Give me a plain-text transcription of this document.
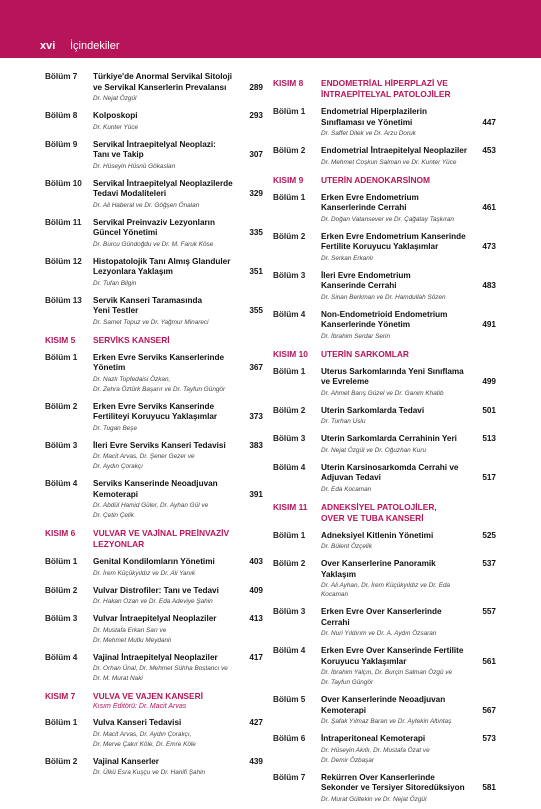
xvi İçindekiler
Bölüm 7 Türkiye'de Anormal Servikal Sitoloji
ve Servikal Kanserlerin Prevalansı
Dr. Nejat Özgül
289
Bölüm 8 Kolposkopi
Dr. Kunter Yüce
293
Bölüm 9 Servikal İntraepitelyal Neoplazi:
Tanı ve Takip
Dr. Hüseyin Hüsnü Gökaslan
307
Bölüm 10 Servikal İntraepitelyal Neoplazilerde
Tedavi Modaliteleri
Dr. Ali Haberal ve Dr. Göğşen Önalan
329
Bölüm 11 Servikal Preinvaziv Lezyonların
Güncel Yönetimi
Dr. Burcu Gündoğdu ve Dr. M. Faruk Köse
335
Bölüm 12 Histopatolojik Tanı Almış Glanduler
Lezyonlara Yaklaşım
Dr. Tufan Bilgin
351
Bölüm 13 Servik Kanseri Taramasında
Yeni Testler
Dr. Samet Topuz ve Dr. Yağmur Minareci
355
KISIM 5 SERVİKS KANSERİ
Bölüm 1 Erken Evre Serviks Kanserlerinde
Yönetim
Dr. Nazlı Topfedaisi Özkan,
Dr. Zehra Öztürk Başarır ve Dr. Tayfun Güngör
367
Bölüm 2 Erken Evre Serviks Kanserinde
Fertiliteyi Koruyucu Yaklaşımlar
Dr. Tugan Beşe
373
Bölüm 3 İleri Evre Serviks Kanseri Tedavisi
Dr. Macit Arvas, Dr. Şener Gezer ve
Dr. Aydın Çorakçı
383
Bölüm 4 Serviks Kanserinde Neoadjuvan
Kemoterapi
Dr. Abdül Hamid Güler, Dr. Ayhan Gül ve
Dr. Çetin Çelik
391
KISIM 6 VULVAR VE VAJİNAL PREİNVAZİV
LEZYONLAR
Bölüm 1 Genital Kondilomların Yönetimi
Dr. İrem Küçükyıldız ve Dr. Ali Yanık
403
Bölüm 2 Vulvar Distrofiler: Tanı ve Tedavi
Dr. Hakan Ozan ve Dr. Eda Adeviye Şahin
409
Bölüm 3 Vulvar İntraepitelyal Neoplaziler
Dr. Mustafa Erkan Sarı ve
Dr. Mehmet Mutlu Meydanlı
413
Bölüm 4 Vajinal İntraepitelyal Neoplaziler
Dr. Orhan Ünal, Dr. Mehmet Sühha Bostancı ve
Dr. M. Murat Naki
417
KISIM 7 VULVA VE VAJEN KANSERİ
Kısım Editörü: Dr. Macit Arvas
Bölüm 1 Vulva Kanseri Tedavisi
Dr. Macit Arvas, Dr. Aydın Çorakçı,
Dr. Merve Çakır Köle, Dr. Emre Köle
427
Bölüm 2 Vajinal Kanserler
Dr. Ülkü Esra Kuşçu ve Dr. Hanifi Şahin
439
KISIM 8 ENDOMETRİAL HİPERPLAZİ VE
İNTRAEPİTELYAL PATOLOJİLER
Bölüm 1 Endometrial Hiperplazilerin
Sınıflaması ve Yönetimi
Dr. Saffet Dilek ve Dr. Arzu Doruk
447
Bölüm 2 Endometrial İntraepitelyal Neoplaziler
Dr. Mehmet Coşkun Salman ve Dr. Kunter Yüce
453
KISIM 9 UTERİN ADENOKARSİNOM
Bölüm 1 Erken Evre Endometrium
Kanserlerinde Cerrahi
Dr. Doğan Vatansever ve Dr. Çağatay Taşkıran
461
Bölüm 2 Erken Evre Endometrium Kanserinde
Fertilite Koruyucu Yaklaşımlar
Dr. Serkan Erkanlı
473
Bölüm 3 İleri Evre Endometrium
Kanserinde Cerrahi
Dr. Sinan Berkman ve Dr. Hamdullah Sözen
483
Bölüm 4 Non-Endometrioid Endometrium
Kanserlerinde Yönetim
Dr. İbrahim Serdar Serin
491
KISIM 10 UTERİN SARKOMLAR
Bölüm 1 Uterus Sarkomlarında Yeni Sınıflama
ve Evreleme
Dr. Ahmet Barış Güzel ve Dr. Ganim Khatib
499
Bölüm 2 Uterin Sarkomlarda Tedavi
Dr. Turhan Uslu
501
Bölüm 3 Uterin Sarkomlarda Cerrahinin Yeri
Dr. Nejat Özgül ve Dr. Oğuzhan Kuru
513
Bölüm 4 Uterin Karsinosarkomda Cerrahi ve
Adjuvan Tedavi
Dr. Eda Kocaman
517
KISIM 11 ADNEKSİYEL PATOLOJİLER,
OVER VE TUBA KANSERİ
Bölüm 1 Adneksiyel Kitlenin Yönetimi
Dr. Bülent Özçelik
525
Bölüm 2 Over Kanserlerine Panoramik Yaklaşım
Dr. Ali Ayhan, Dr. İrem Küçükyıldız ve Dr. Eda Kocaman
537
Bölüm 3 Erken Evre Over Kanserlerinde Cerrahi
Dr. Nuri Yıldırım ve Dr. A. Aydın Özsaran
557
Bölüm 4 Erken Evre Over Kanserinde Fertilite
Koruyucu Yaklaşımlar
Dr. İbrahim Yalçın, Dr. Burçin Salman Özgü ve
Dr. Tayfun Güngör
561
Bölüm 5 Over Kanserlerinde Neoadjuvan
Kemoterapi
Dr. Şafak Yılmaz Baran ve Dr. Aytekin Altıntaş
567
Bölüm 6 İntraperitoneal Kemoterapi
Dr. Hüseyin Akıllı, Dr. Mustafa Özat ve
Dr. Demir Özbaşar
573
Bölüm 7 Rekürren Over Kanserlerinde
Sekonder ve Tersiyer Sitoredüksiyon
Dr. Murat Gültekin ve Dr. Nejat Özgül
581
